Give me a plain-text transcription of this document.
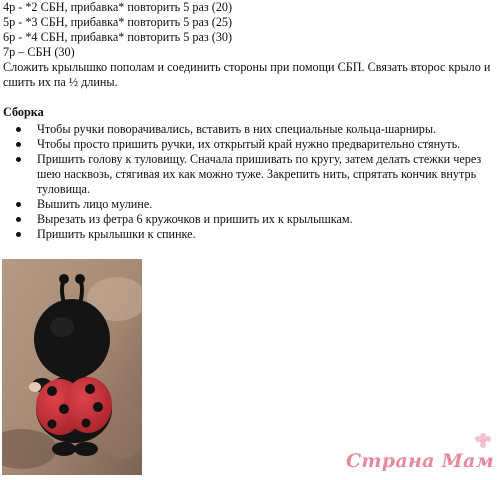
4р - *2 СБН, прибавка* повторить 5 раз (20)
5р - *3 СБН, прибавка* повторить 5 раз (25)
6р - *4 СБН, прибавка* повторить 5 раз (30)
7р – СБН (30)

Сложить крылышко пополам и соединить стороны при помощи СБП. Связать второс крыло и сшить их па ½ длины.

Сборка

Чтобы ручки поворачивались, вставить в них специальные кольца-шарниры.
Чтобы просто пришить ручки, их открытый край нужно предварительно стянуть.
Пришить голову к туловищу. Сначала пришивать по кругу, затем делать стежки через шею насквозь, стягивая их как можно туже. Закрепить нить, спрятать кончик внутрь туловища.
Вышить лицо мулине.
Вырезать из фетра 6 кружочков и пришить их к крылышкам.
Пришить крылышки к спинке.
Страна Мам
